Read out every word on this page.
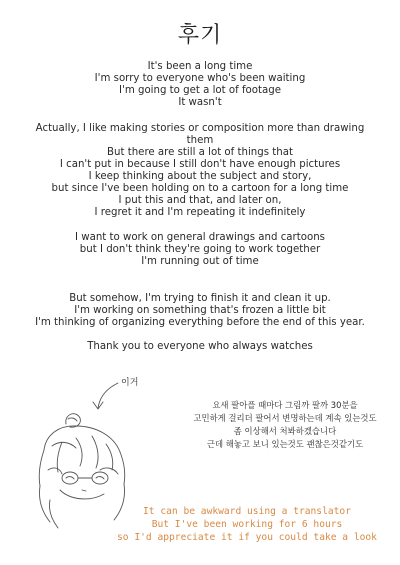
후기
It's been a long time
I'm sorry to everyone who's been waiting
I'm going to get a lot of footage
It wasn't
Actually, I like making stories or composition more than drawing
them
But there are still a lot of things that
I can't put in because I still don't have enough pictures
I keep thinking about the subject and story,
but since I've been holding on to a cartoon for a long time
I put this and that, and later on,
I regret it and I'm repeating it indefinitely
I want to work on general drawings and cartoons
but I don't think they're going to work together
I'm running out of time
But somehow, I'm trying to finish it and clean it up.
I'm working on something that's frozen a little bit
I'm thinking of organizing everything before the end of this year.
Thank you to everyone who always watches
이거
요새 팔아플 때마다 그림까 팔까 30분을
고민하게 걸리더 팔어서 변명하는데 계속 있는것도
좀 이상해서 처봐하겠습니다
근데 해놓고 보니 있는것도 괜찮은것같기도
It can be awkward using a translator
But I've been working for 6 hours
so I'd appreciate it if you could take a look
